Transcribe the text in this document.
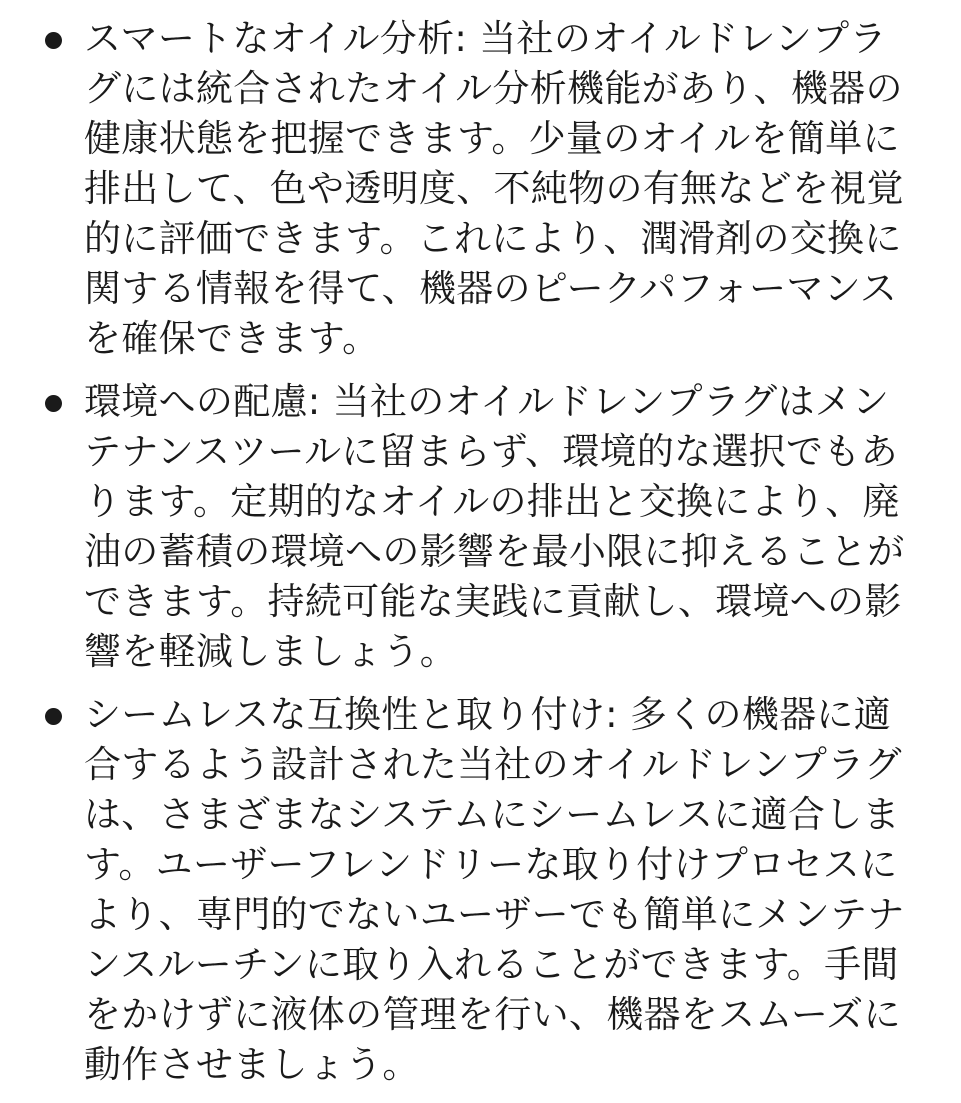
スマートなオイル分析: 当社のオイルドレンプラグには統合されたオイル分析機能があり、機器の健康状態を把握できます。少量のオイルを簡単に排出して、色や透明度、不純物の有無などを視覚的に評価できます。これにより、潤滑剤の交換に関する情報を得て、機器のピークパフォーマンスを確保できます。
環境への配慮: 当社のオイルドレンプラグはメンテナンスツールに留まらず、環境的な選択でもあります。定期的なオイルの排出と交換により、廃油の蓄積の環境への影響を最小限に抑えることができます。持続可能な実践に貢献し、環境への影響を軽減しましょう。
シームレスな互換性と取り付け: 多くの機器に適合するよう設計された当社のオイルドレンプラグは、さまざまなシステムにシームレスに適合します。ユーザーフレンドリーな取り付けプロセスにより、専門的でないユーザーでも簡単にメンテナンスルーチンに取り入れることができます。手間をかけずに液体の管理を行い、機器をスムーズに動作させましょう。
